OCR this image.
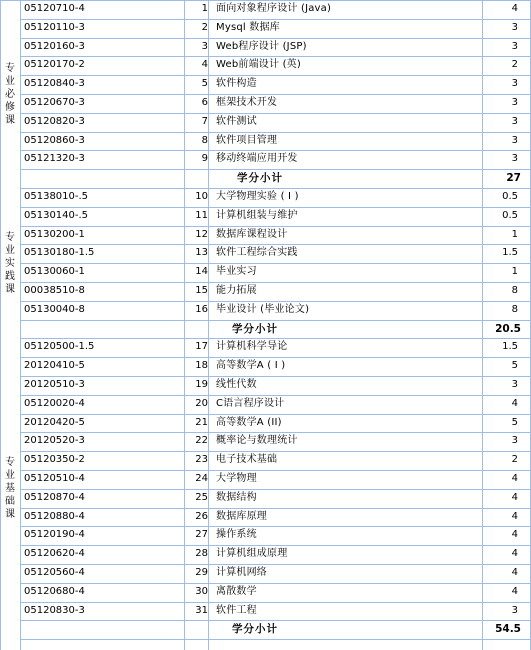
05120710-4	1 面向对象程序设计 (Java)	4
05120110-3	2 Mysql 数据库	3
05120160-3	3 Web程序设计 (JSP)	3
05120170-2	4 Web前端设计 (英)	2
05120840-3	5 软件构造	3
05120670-3	6 框架技术开发	3
05120820-3	7 软件测试	3
05120860-3	8 软件项目管理	3
05121320-3	9 移动终端应用开发	3
学分小计	27
专业必修课
05138010-.5	10 大学物理实验 ( I )	0.5
05130140-.5	11 计算机组装与维护	0.5
05130200-1	12 数据库课程设计	1
05130180-1.5	13 软件工程综合实践	1.5
05130060-1	14 毕业实习	1
00038510-8	15 能力拓展	8
05130040-8	16 毕业设计 (毕业论文)	8
学分小计	20.5
专业实践课
05120500-1.5	17 计算机科学导论	1.5
20120410-5	18 高等数学A ( I )	5
20120510-3	19 线性代数	3
05120020-4	20 C语言程序设计	4
20120420-5	21 高等数学A (II)	5
20120520-3	22 概率论与数理统计	3
05120350-2	23 电子技术基础	2
05120510-4	24 大学物理	4
05120870-4	25 数据结构	4
05120880-4	26 数据库原理	4
05120190-4	27 操作系统	4
05120620-4	28 计算机组成原理	4
05120560-4	29 计算机网络	4
05120680-4	30 离散数学	4
05120830-3	31 软件工程	3
学分小计	54.5
专业基础课
